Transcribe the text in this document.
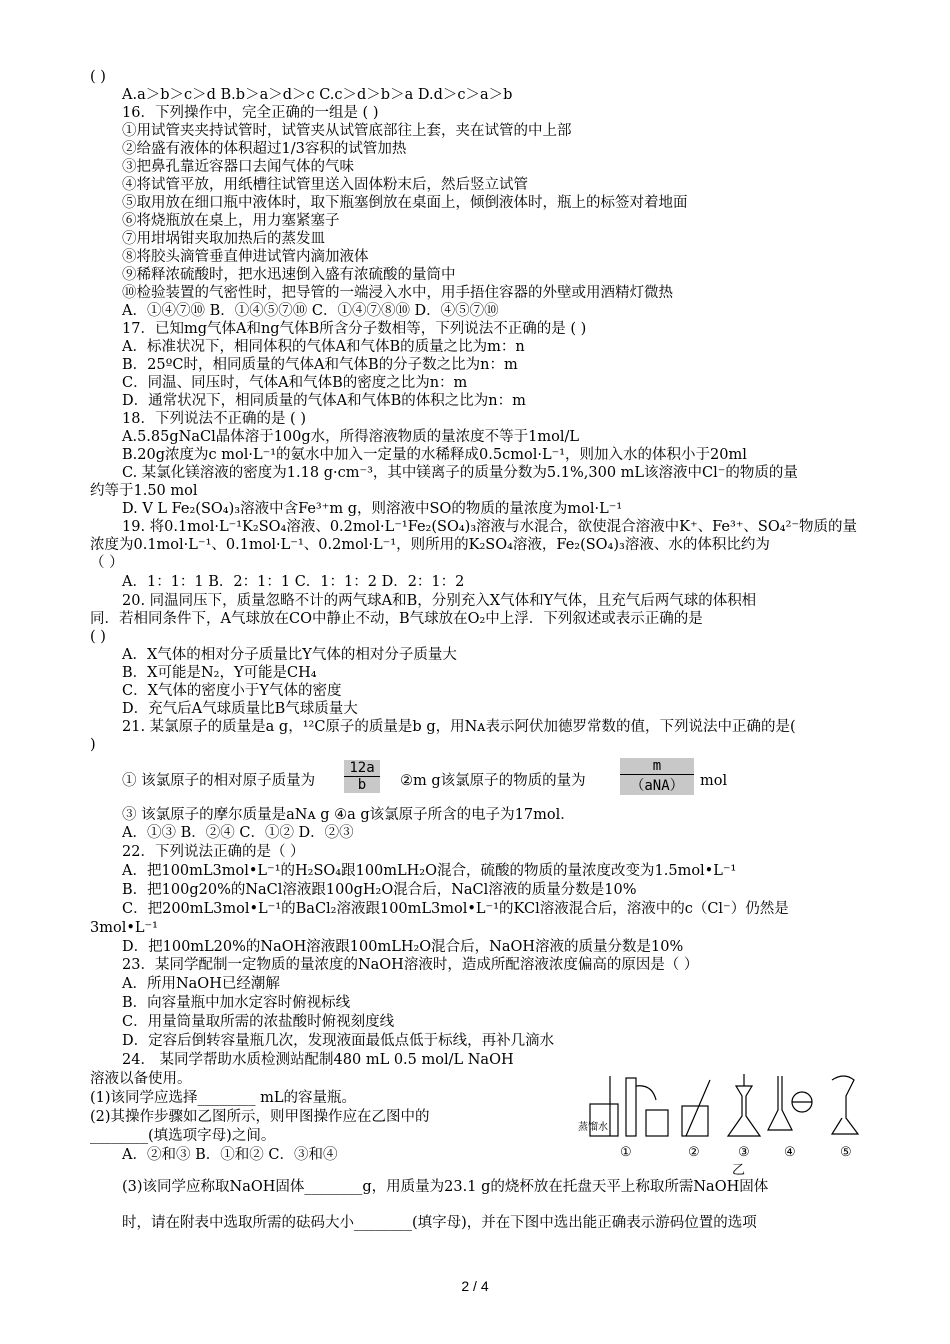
( )
A.a＞b＞c＞d B.b＞a＞d＞c C.c＞d＞b＞a D.d＞c＞a＞b
16．下列操作中，完全正确的一组是 ( )
①用试管夹夹持试管时，试管夹从试管底部往上套，夹在试管的中上部
②给盛有液体的体积超过1/3容积的试管加热
③把鼻孔靠近容器口去闻气体的气味
④将试管平放，用纸槽往试管里送入固体粉末后，然后竖立试管
⑤取用放在细口瓶中液体时，取下瓶塞倒放在桌面上，倾倒液体时，瓶上的标签对着地面
⑥将烧瓶放在桌上，用力塞紧塞子
⑦用坩埚钳夹取加热后的蒸发皿
⑧将胶头滴管垂直伸进试管内滴加液体
⑨稀释浓硫酸时，把水迅速倒入盛有浓硫酸的量筒中
⑩检验装置的气密性时，把导管的一端浸入水中，用手捂住容器的外壁或用酒精灯微热
A．①④⑦⑩ B．①④⑤⑦⑩ C．①④⑦⑧⑩ D．④⑤⑦⑩
17．已知mg气体A和ng气体B所含分子数相等，下列说法不正确的是 ( )
A．标准状况下，相同体积的气体A和气体B的质量之比为m：n
B．25ºC时，相同质量的气体A和气体B的分子数之比为n：m
C．同温、同压时，气体A和气体B的密度之比为n：m
D．通常状况下，相同质量的气体A和气体B的体积之比为n：m
18．下列说法不正确的是 ( )
A.5.85gNaCl晶体溶于100g水，所得溶液物质的量浓度不等于1mol/L
B.20g浓度为c mol·L⁻¹的氨水中加入一定量的水稀释成0.5cmol·L⁻¹，则加入水的体积小于20ml
C. 某氯化镁溶液的密度为1.18 g·cm⁻³，其中镁离子的质量分数为5.1%,300 mL该溶液中Cl⁻的物质的量
约等于1.50 mol
D. V L Fe₂(SO₄)₃溶液中含Fe³⁺m g，则溶液中SO的物质的量浓度为mol·L⁻¹
19. 将0.1mol·L⁻¹K₂SO₄溶液、0.2mol·L⁻¹Fe₂(SO₄)₃溶液与水混合，欲使混合溶液中K⁺、Fe³⁺、SO₄²⁻物质的量
浓度为0.1mol·L⁻¹、0.1mol·L⁻¹、0.2mol·L⁻¹，则所用的K₂SO₄溶液，Fe₂(SO₄)₃溶液、水的体积比约为
（ ）
A．1：1：1 B．2：1：1 C．1：1：2 D．2：1：2
20. 同温同压下，质量忽略不计的两气球A和B，分别充入X气体和Y气体，且充气后两气球的体积相
同．若相同条件下，A气球放在CO中静止不动，B气球放在O₂中上浮．下列叙述或表示正确的是
( )
A．X气体的相对分子质量比Y气体的相对分子质量大
B．X可能是N₂，Y可能是CH₄
C．X气体的密度小于Y气体的密度
D．充气后A气球质量比B气球质量大
21. 某氯原子的质量是a g，¹²C原子的质量是b g，用Nᴀ表示阿伏加德罗常数的值，下列说法中正确的是(
)
① 该氯原子的相对原子质量为 $\frac{12a}{b}$ ②m g该氯原子的物质的量为
m
（aNA）	mol
③ 该氯原子的摩尔质量是aNᴀ g ④a g该氯原子所含的电子为17mol．
A．①③ B．②④ C．①② D．②③
22．下列说法正确的是（ ）
A．把100mL3mol•L⁻¹的H₂SO₄跟100mLH₂O混合，硫酸的物质的量浓度改变为1.5mol•L⁻¹
B．把100g20%的NaCl溶液跟100gH₂O混合后，NaCl溶液的质量分数是10%
C．把200mL3mol•L⁻¹的BaCl₂溶液跟100mL3mol•L⁻¹的KCl溶液混合后，溶液中的c（Cl⁻）仍然是
3mol•L⁻¹
D．把100mL20%的NaOH溶液跟100mLH₂O混合后，NaOH溶液的质量分数是10%
23．某同学配制一定物质的量浓度的NaOH溶液时，造成所配溶液浓度偏高的原因是（ ）
A．所用NaOH已经潮解
B．向容量瓶中加水定容时俯视标线
C．用量筒量取所需的浓盐酸时俯视刻度线
D．定容后倒转容量瓶几次，发现液面最低点低于标线，再补几滴水
24． 某同学帮助水质检测站配制480 mL 0.5 mol/L NaOH
溶液以备使用。
(1)该同学应选择________ mL的容量瓶。
(2)其操作步骤如乙图所示，则甲图操作应在乙图中的
________(填选项字母)之间。
A．②和③ B．①和② C．③和④
蒸馏水
①	②	③	④	⑤
乙
(3)该同学应称取NaOH固体________g，用质量为23.1 g的烧杯放在托盘天平上称取所需NaOH固体
时，请在附表中选取所需的砝码大小________(填字母)，并在下图中选出能正确表示游码位置的选项
2 / 4
